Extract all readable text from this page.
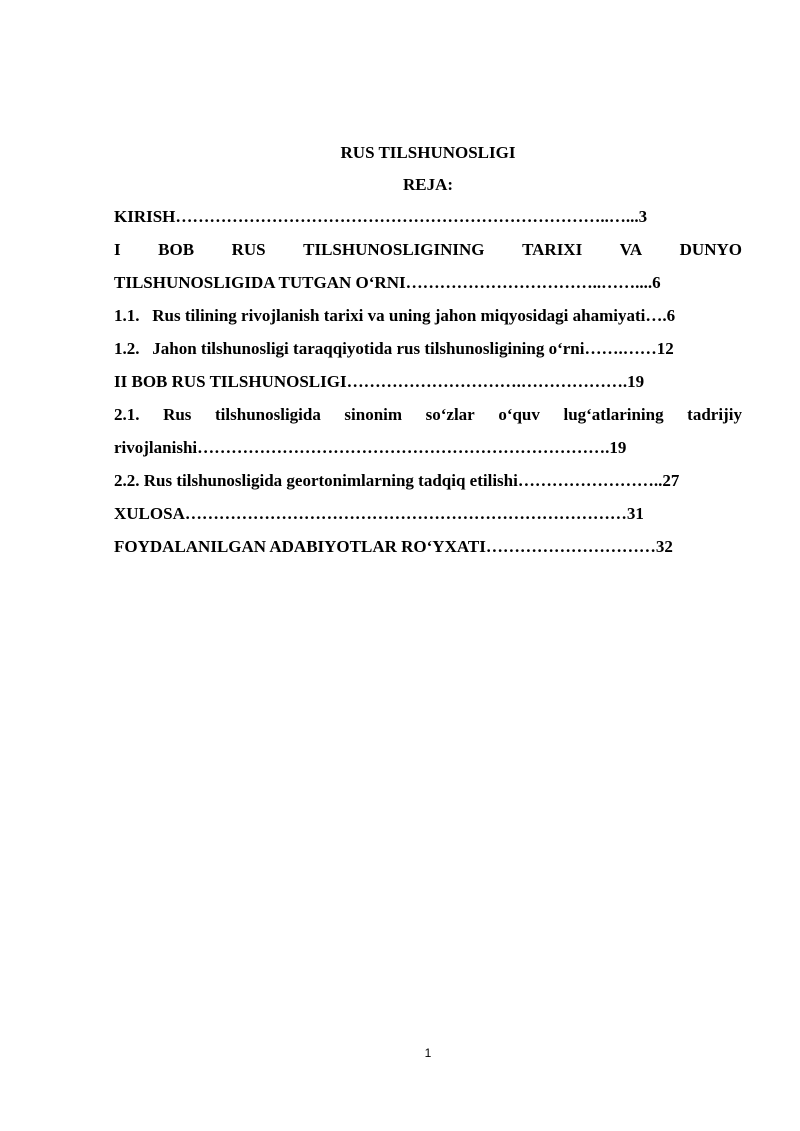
RUS TILSHUNOSLIGI
REJA:
KIRISH…………………………………………………………………..…...3
I BOB RUS TILSHUNOSLIGINING TARIXI VA DUNYO
TILSHUNOSLIGIDA TUTGAN O‘RNI……………………………..……....6
1.1.   Rus tilining rivojlanish tarixi va uning jahon miqyosidagi ahamiyati….6
1.2.   Jahon tilshunosligi taraqqiyotida rus tilshunosligining o‘rni…….……12
II BOB RUS TILSHUNOSLIGI………………………….……………….19
2.1. Rus tilshunosligida sinonim so‘zlar o‘quv lug‘atlarining tadrijiy
rivojlanishi……………………………………………………………….19
2.2. Rus tilshunosligida geortonimlarning tadqiq etilishi……………………..27
XULOSA……………………………………………………………………31
FOYDALANILGAN ADABIYOTLAR RO‘YXATI…………………………32
1
